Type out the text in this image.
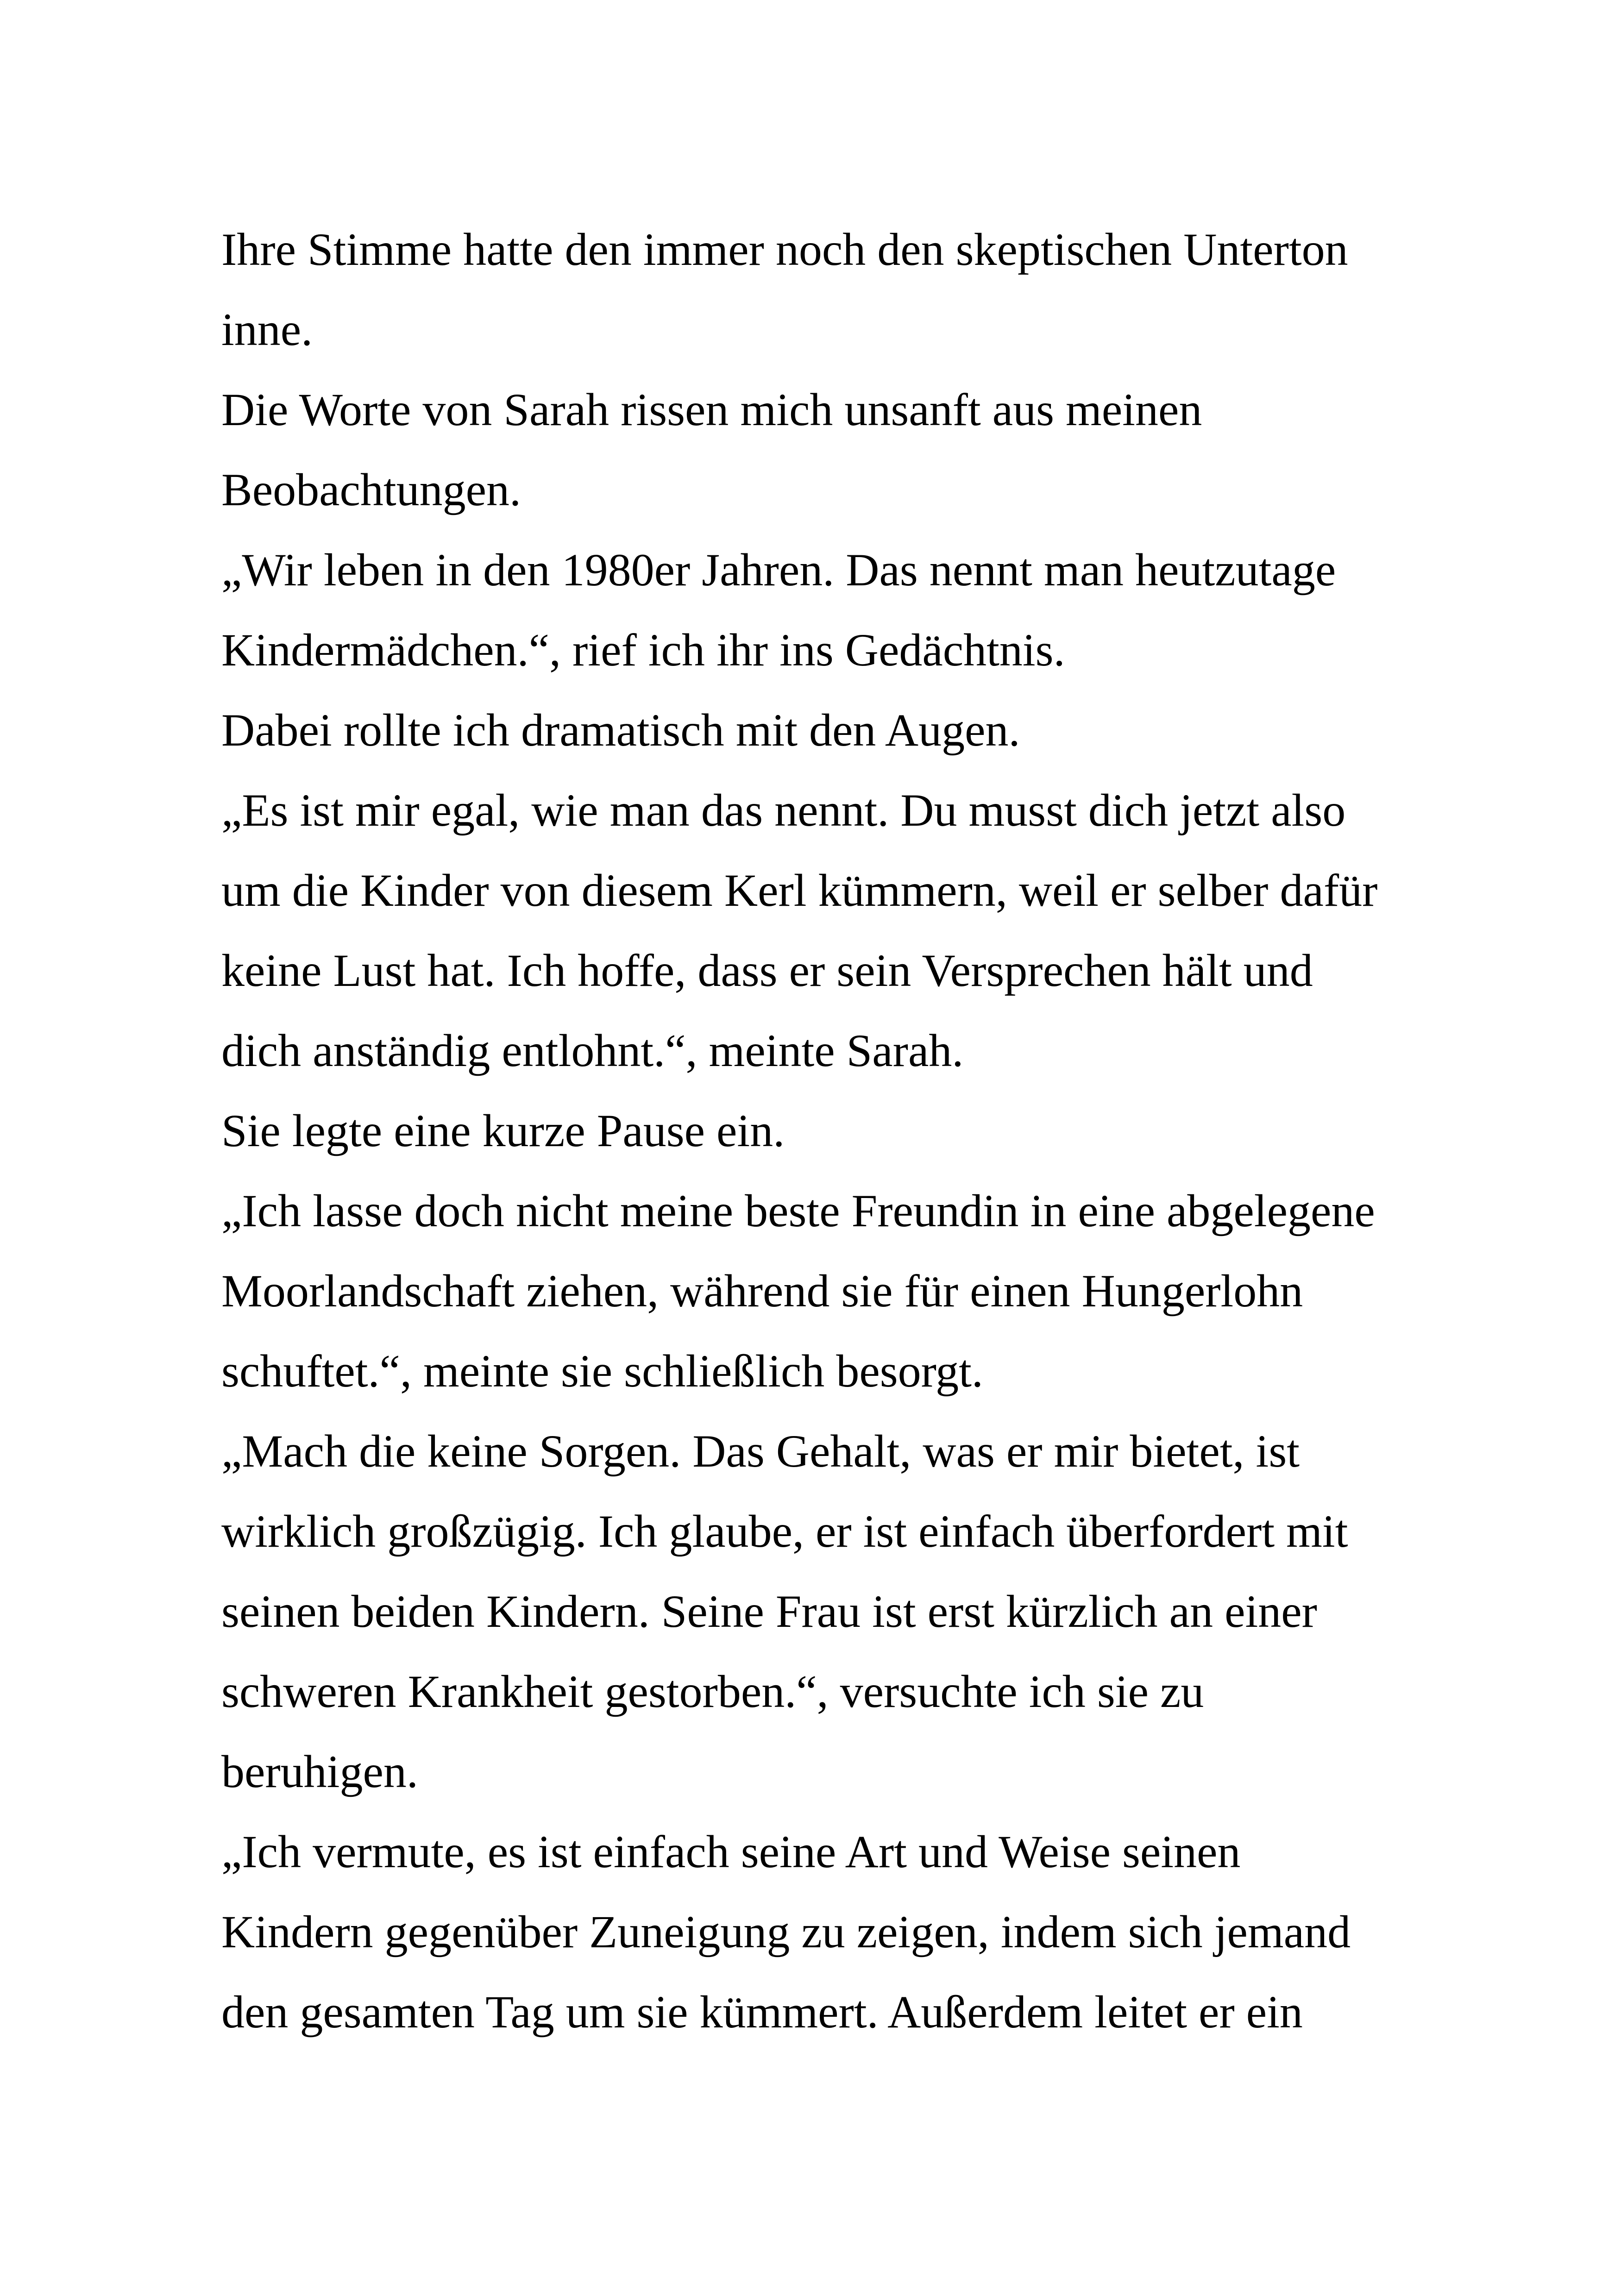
Ihre Stimme hatte den immer noch den skeptischen Unterton
inne.
Die Worte von Sarah rissen mich unsanft aus meinen
Beobachtungen.
„Wir leben in den 1980er Jahren. Das nennt man heutzutage
Kindermädchen.“, rief ich ihr ins Gedächtnis.
Dabei rollte ich dramatisch mit den Augen.
„Es ist mir egal, wie man das nennt. Du musst dich jetzt also
um die Kinder von diesem Kerl kümmern, weil er selber dafür
keine Lust hat. Ich hoffe, dass er sein Versprechen hält und
dich anständig entlohnt.“, meinte Sarah.
Sie legte eine kurze Pause ein.
„Ich lasse doch nicht meine beste Freundin in eine abgelegene
Moorlandschaft ziehen, während sie für einen Hungerlohn
schuftet.“, meinte sie schließlich besorgt.
„Mach die keine Sorgen. Das Gehalt, was er mir bietet, ist
wirklich großzügig. Ich glaube, er ist einfach überfordert mit
seinen beiden Kindern. Seine Frau ist erst kürzlich an einer
schweren Krankheit gestorben.“, versuchte ich sie zu
beruhigen.
„Ich vermute, es ist einfach seine Art und Weise seinen
Kindern gegenüber Zuneigung zu zeigen, indem sich jemand
den gesamten Tag um sie kümmert. Außerdem leitet er ein
